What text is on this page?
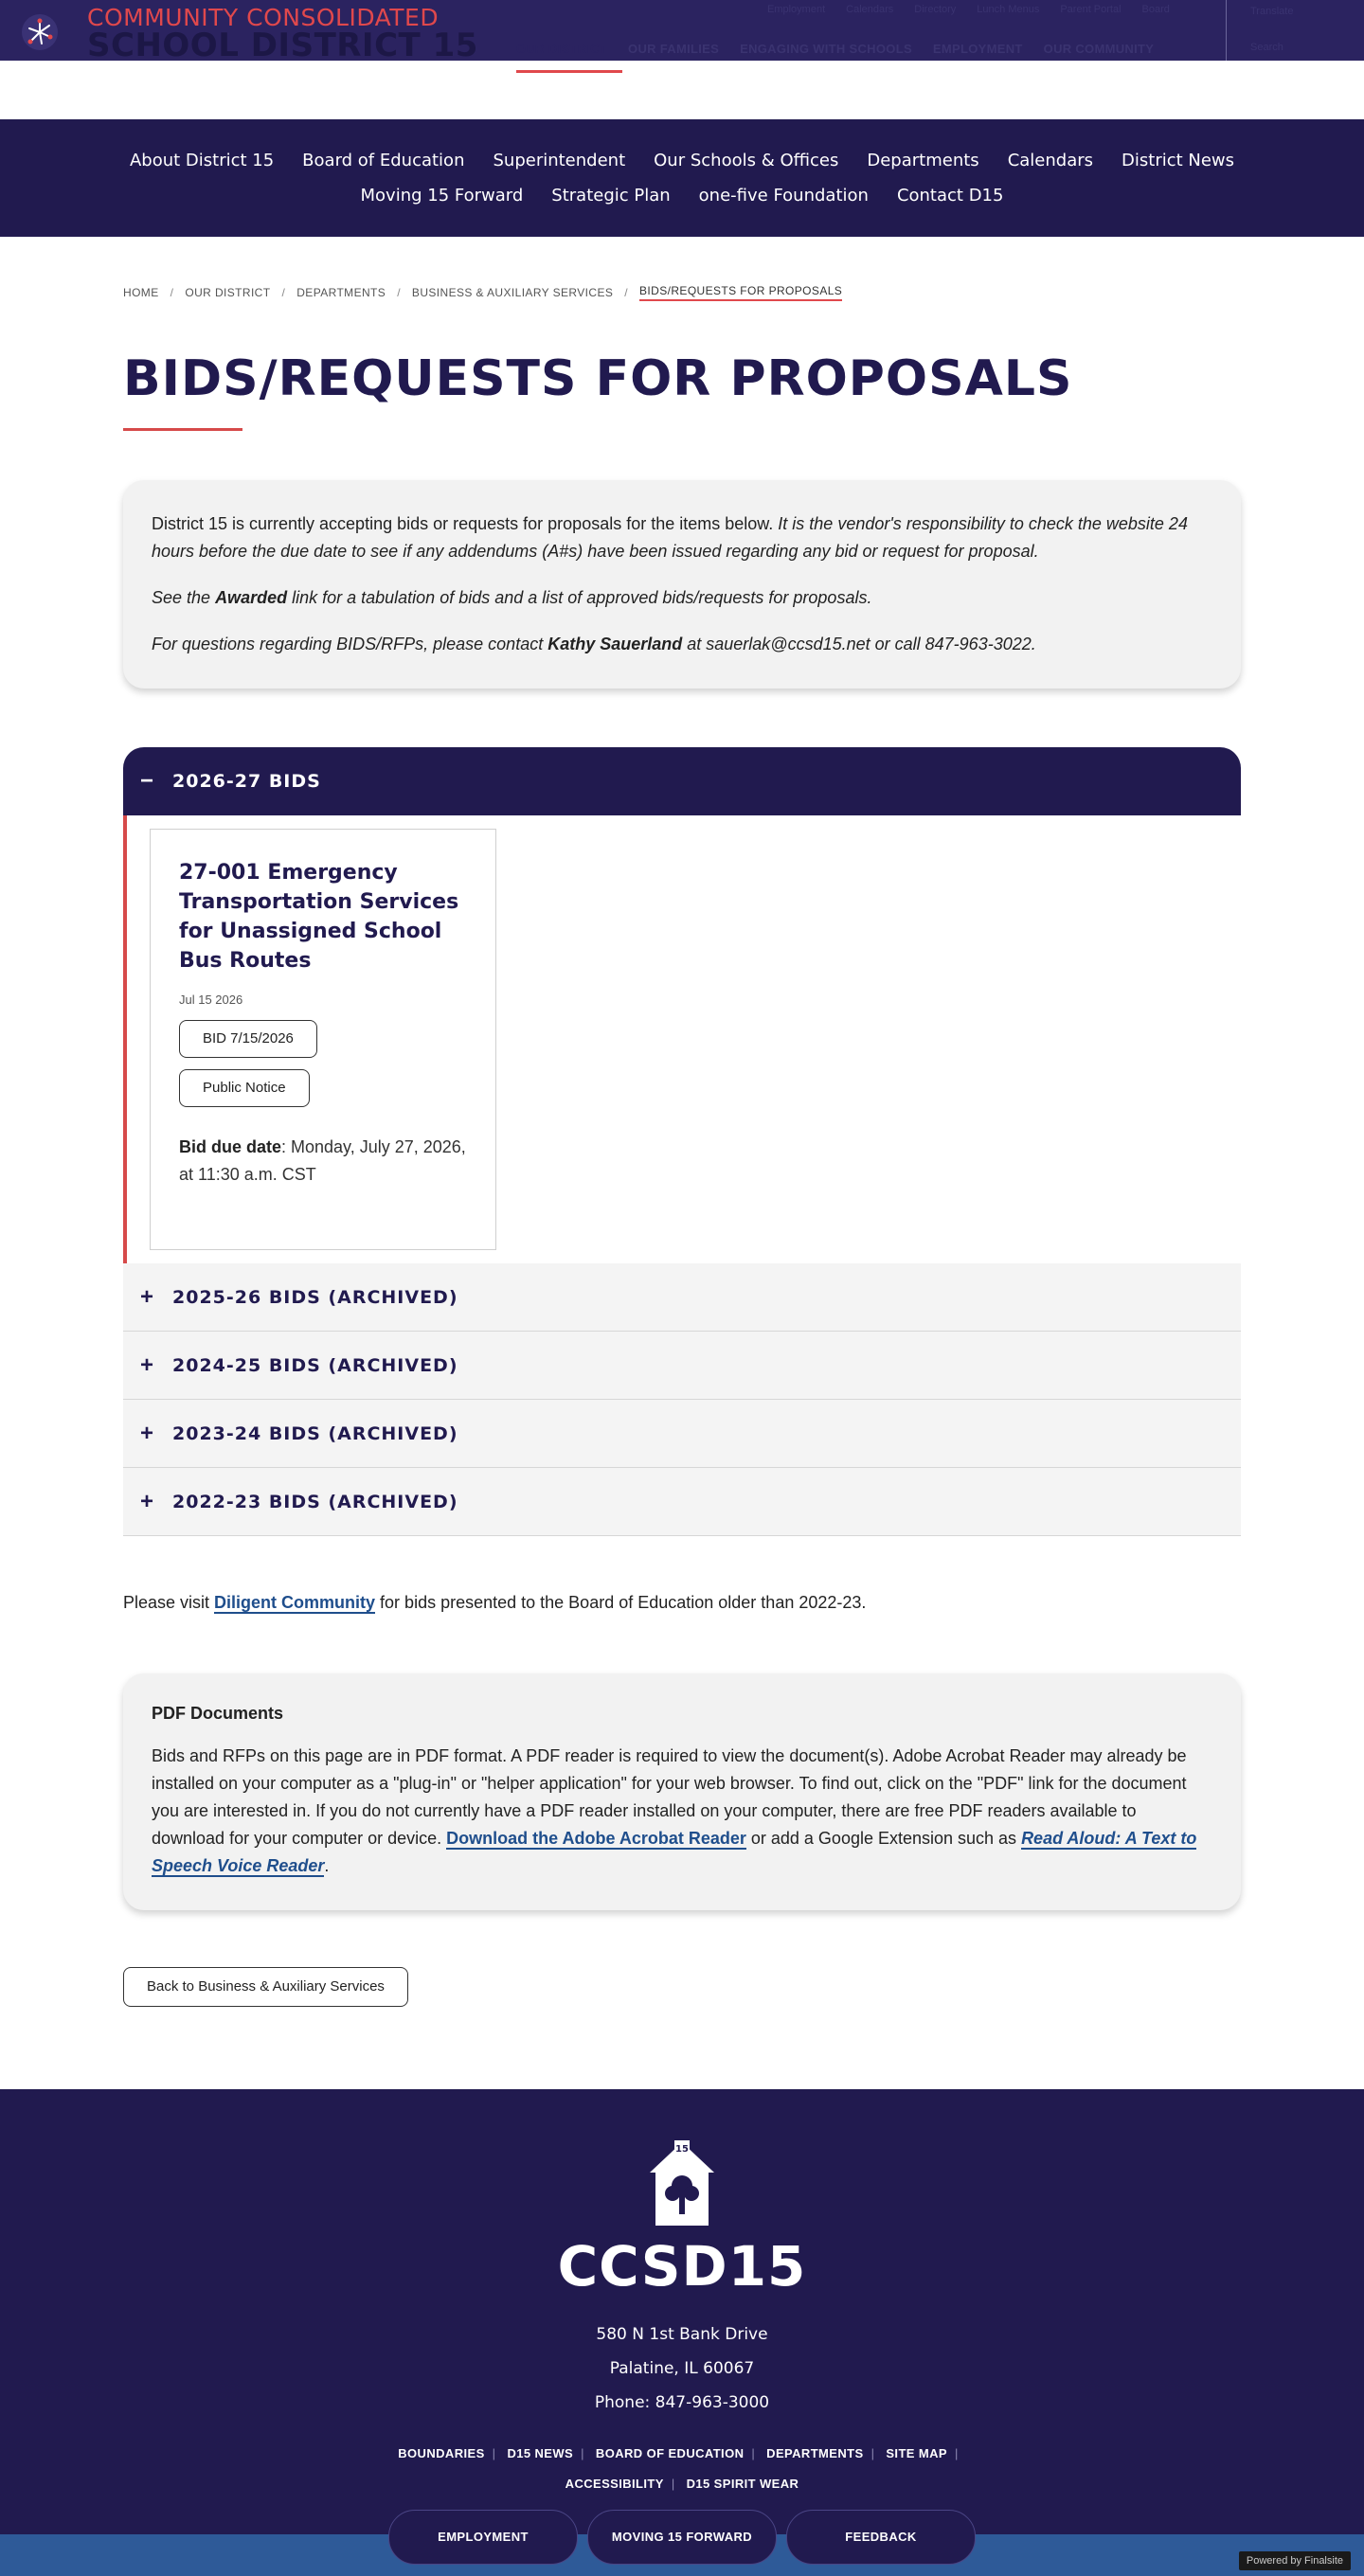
COMMUNITY CONSOLIDATED
SCHOOL DISTRICT 15
Employment Calendars Directory Lunch Menus Parent Portal Board
OUR DISTRICT OUR FAMILIES ENGAGING WITH SCHOOLS EMPLOYMENT OUR COMMUNITY
Translate
Search
About District 15 Board of Education Superintendent Our Schools & Offices Departments Calendars District News
Moving 15 Forward Strategic Plan one-five Foundation Contact D15
HOME / OUR DISTRICT / DEPARTMENTS / BUSINESS & AUXILIARY SERVICES / BIDS/REQUESTS FOR PROPOSALS
BIDS/REQUESTS FOR PROPOSALS

District 15 is currently accepting bids or requests for proposals for the items below. It is the vendor's responsibility to check the website 24 hours before the due date to see if any addendums (A#s) have been issued regarding any bid or request for proposal.

See the Awarded link for a tabulation of bids and a list of approved bids/requests for proposals.

For questions regarding BIDS/RFPs, please contact Kathy Sauerland at sauerlak@ccsd15.net or call 847-963-3022.

− 2026-27 BIDS
27-001 Emergency Transportation Services for Unassigned School Bus Routes
Jul 15 2026
BID 7/15/2026
Public Notice

Bid due date: Monday, July 27, 2026, at 11:30 a.m. CST

+ 2025-26 BIDS (ARCHIVED)
+ 2024-25 BIDS (ARCHIVED)
+ 2023-24 BIDS (ARCHIVED)
+ 2022-23 BIDS (ARCHIVED)

Please visit Diligent Community for bids presented to the Board of Education older than 2022-23.

PDF Documents

Bids and RFPs on this page are in PDF format. A PDF reader is required to view the document(s). Adobe Acrobat Reader may already be installed on your computer as a "plug-in" or "helper application" for your web browser. To find out, click on the "PDF" link for the document you are interested in. If you do not currently have a PDF reader installed on your computer, there are free PDF readers available to download for your computer or device. Download the Adobe Acrobat Reader or add a Google Extension such as Read Aloud: A Text to Speech Voice Reader.

Back to Business & Auxiliary Services
15
CCSD15
580 N 1st Bank Drive
Palatine, IL 60067
Phone: 847-963-3000
BOUNDARIES | D15 NEWS | BOARD OF EDUCATION | DEPARTMENTS | SITE MAP |
ACCESSIBILITY | D15 SPIRIT WEAR
EMPLOYMENT	MOVING 15 FORWARD	FEEDBACK
Powered by Finalsite
